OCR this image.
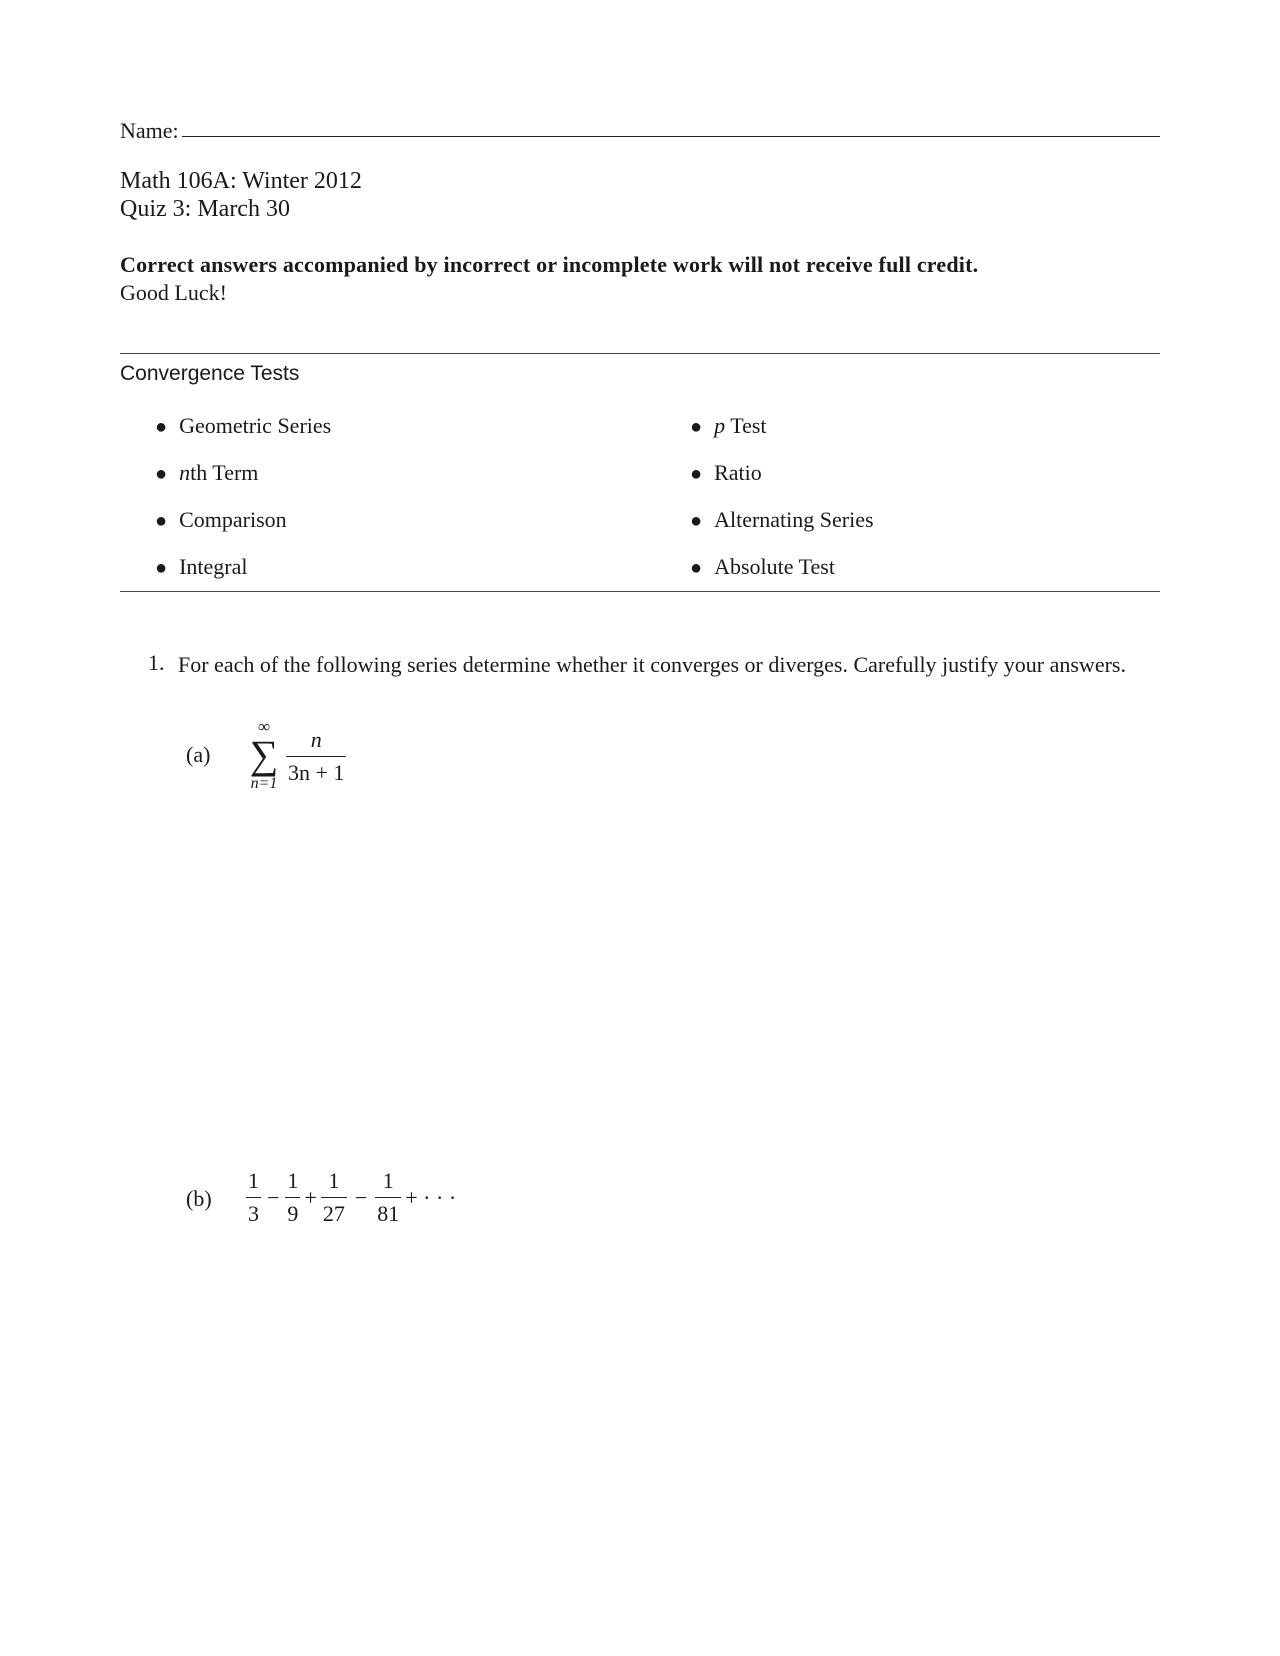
Name:
Math 106A: Winter 2012
Quiz 3: March 30
Correct answers accompanied by incorrect or incomplete work will not receive full credit.
Good Luck!
Convergence Tests
● Geometric Series
● nth Term
● Comparison
● Integral
● p Test
● Ratio
● Alternating Series
● Absolute Test
1. For each of the following series determine whether it converges or diverges. Carefully justify your answers.
(a)
∞
∑
n=1
n
3n + 1
$(b) \frac{1}{3} - \frac{1}{9} + \frac{1}{27} - \frac{1}{81}$ + · · ·
